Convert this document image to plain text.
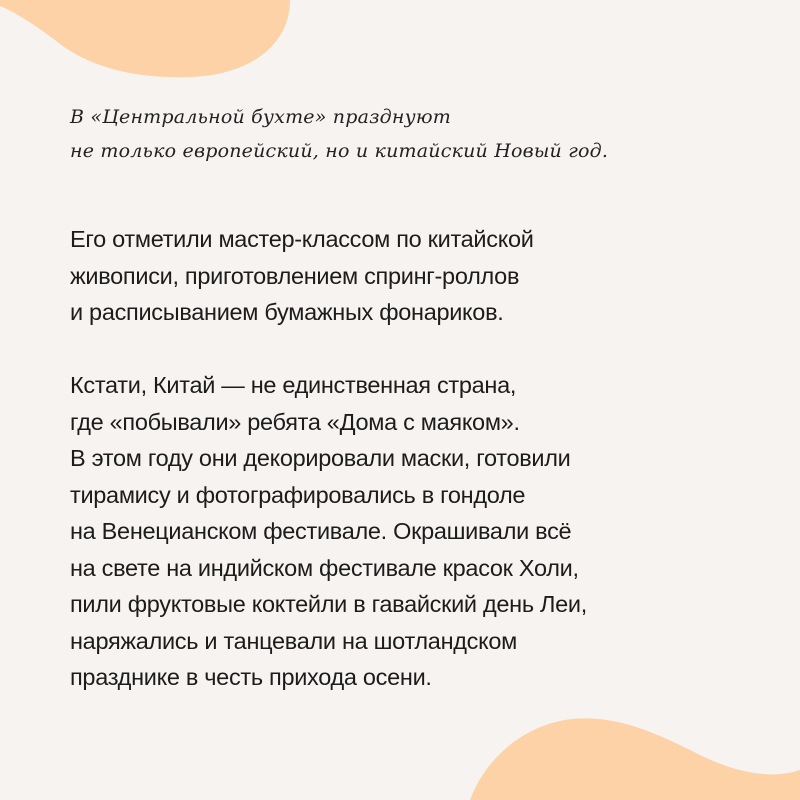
В «Центральной бухте» празднуют
не только европейский, но и китайский Новый год.
Его отметили мастер-классом по китайской
живописи, приготовлением спринг-роллов
и расписыванием бумажных фонариков.
Кстати, Китай — не единственная страна,
где «побывали» ребята «Дома с маяком».
В этом году они декорировали маски, готовили
тирамису и фотографировались в гондоле
на Венецианском фестивале. Окрашивали всё
на свете на индийском фестивале красок Холи,
пили фруктовые коктейли в гавайский день Леи,
наряжались и танцевали на шотландском
празднике в честь прихода осени.
